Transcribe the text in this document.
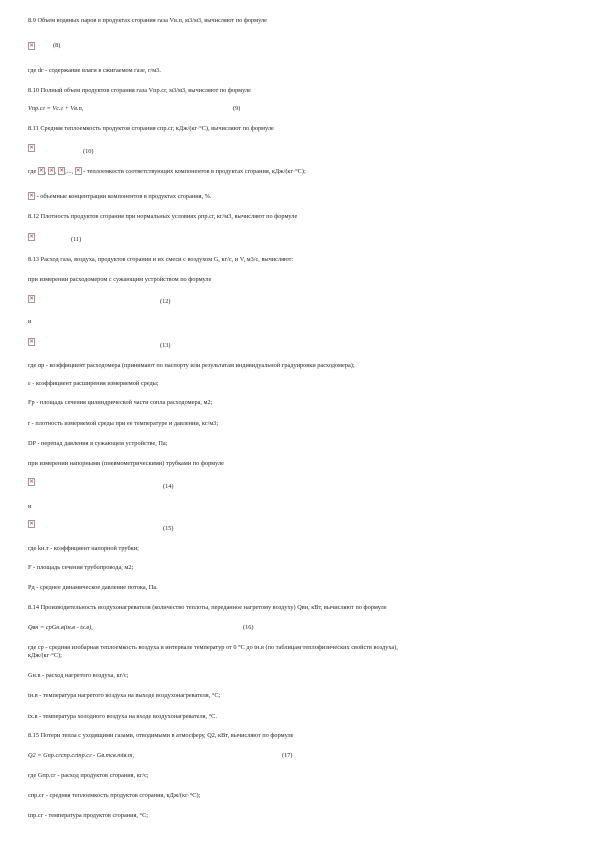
8.9 Объем водяных паров в продуктах сгорания газа Vв.п, м3/м3, вычисляют по формуле
✕
(8)
где dг - содержание влаги в сжигаемом газе, г/м3.
8.10 Полный объем продуктов сгорания газа Vпр.сг, м3/м3, вычисляют по формуле
Vпр.сг = Vc.г + Vв.п,	(9)
8.11 Средняя теплоемкость продуктов сгорания спр.сг, кДж/(кг·°С), вычисляют по формуле
✕
(10)
где ✕ , ✕ , ✕ ,..., ✕ - теплоемкости соответствующих компонентов в продуктах сгорания, кДж/(кг·°С);
✕ - объемные концентрации компонентов в продуктах сгорания, %.
8.12 Плотность продуктов сгорания при нормальных условиях ρпр.сг, кг/м3, вычисляют по формуле
✕
(11)
8.13 Расход газа, воздуха, продуктов сгорания и их смеси с воздухом G, кг/с, и V, м3/с, вычисляют:
при измерении расходомером с сужающим устройством по формуле
✕
(12)
и
✕
(13)
где αр - коэффициент расходомера (принимают по паспорту или результатам индивидуальной градуировки расходомера);
ε - коэффициент расширения измеряемой среды;
Fр - площадь сечения цилиндрической части сопла расходомера, м2;
r - плотность измеряемой среды при ее температуре и давлении, кг/м3;
DP - перепад давления в сужающем устройстве, Па;
при измерении напорными (пневмометрическими) трубками по формуле
✕
(14)
и
✕
(15)
где kн.т - коэффициент напорной трубки;
F - площадь сечения трубопровода, м2;
Pд - среднее динамическое давление потока, Па.
8.14 Производительность воздухонагревателя (количество теплоты, переданное нагретому воздуху) Qвн, кВт, вычисляют по формуле
Qвн = срGн.в(tн.в - tх.в),	(16)
где ср - средняя изобарная теплоемкость воздуха в интервале температур от 0 °С до tн.в (по таблицам теплофизических свойств воздуха),
кДж/(кг·°С);
Gн.в - расход нагретого воздуха, кг/с;
tн.в - температура нагретого воздуха на выходе воздухонагревателя, °С;
tх.в - температура холодного воздуха на входе воздухонагревателя, °С.
8.15 Потери тепла с уходящими газами, отводимыми в атмосферу, Q2, кВт, вычисляют по формуле
Q2 = Gпр.сгспр.сгtпр.сг - Gв.тсв.тtв.т,	(17)
где Gпр.сг - расход продуктов сгорания, кг/с;
спр.сг - средняя теплоемкость продуктов сгорания, кДж/(кг·°С);
tпр.сг - температура продуктов сгорания, °С;
